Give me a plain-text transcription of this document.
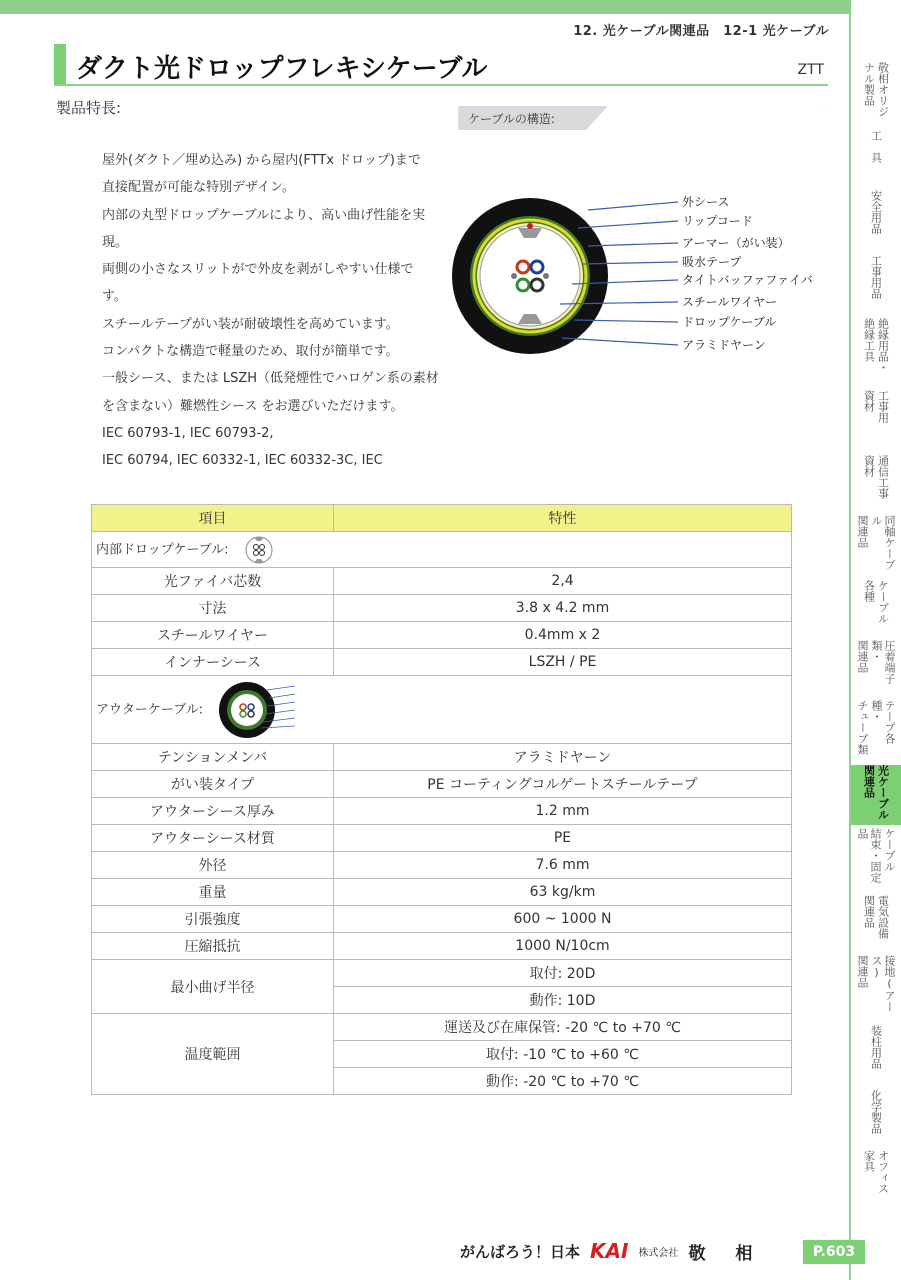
12. 光ケーブル関連品　12-1 光ケーブル
ダクト光ドロップフレキシケーブル	ZTT
製品特長:
屋外(ダクト／埋め込み) から屋内(FTTx ドロップ)まで
直接配置が可能な特別デザイン。
内部の丸型ドロップケーブルにより、高い曲げ性能を実
現。
両側の小さなスリットがで外皮を剥がしやすい仕様で
す。
スチールテープがい装が耐破壊性を高めています。
コンパクトな構造で軽量のため、取付が簡単です。
一般シース、または LSZH（低発煙性でハロゲン系の素材
を含まない）難燃性シース をお選びいただけます。
IEC 60793-1, IEC 60793-2,
IEC 60794, IEC 60332-1, IEC 60332-3C, IEC
ケーブルの構造:
外シース
リップコード
アーマー（がい装）
吸水テープ
タイトバッファファイバ
スチールワイヤー
ドロップケーブル
アラミドヤーン
項目	特性
内部ドロップケーブル:	
光ファイバ芯数	2,4
寸法	3.8 x 4.2 mm
スチールワイヤー	0.4mm x 2
インナーシース	LSZH / PE
アウターケーブル:	
テンションメンバ	アラミドヤーン
がい装タイプ	PE コーティングコルゲートスチールテープ
アウターシース厚み	1.2 mm
アウターシース材質	PE
外径	7.6 mm
重量	63 kg/km
引張強度	600 ~ 1000 N
圧縮抵抗	1000 N/10cm
最小曲げ半径	取付: 20D
	動作: 10D
温度範囲	運送及び在庫保管: -20 ℃ to +70 ℃
	取付: -10 ℃ to +60 ℃
	動作: -20 ℃ to +70 ℃
敬相オリジ
ナル製品
工　具
安全用品
工事用品
絶縁用品・
絶縁工具
工事用
資材
通信工事
資材
同軸ケーブル
関連品
ケーブル
各種
圧着端子類・
関連品
テープ各種・
チューブ類
光ケーブル
関連品
ケーブル
結束・固定品
電気設備
関連品
接地(アース)
関連品
装柱用品
化学製品
オフィス
家具
がんばろう！日本 KAI 株式会社 敬相	P.603
